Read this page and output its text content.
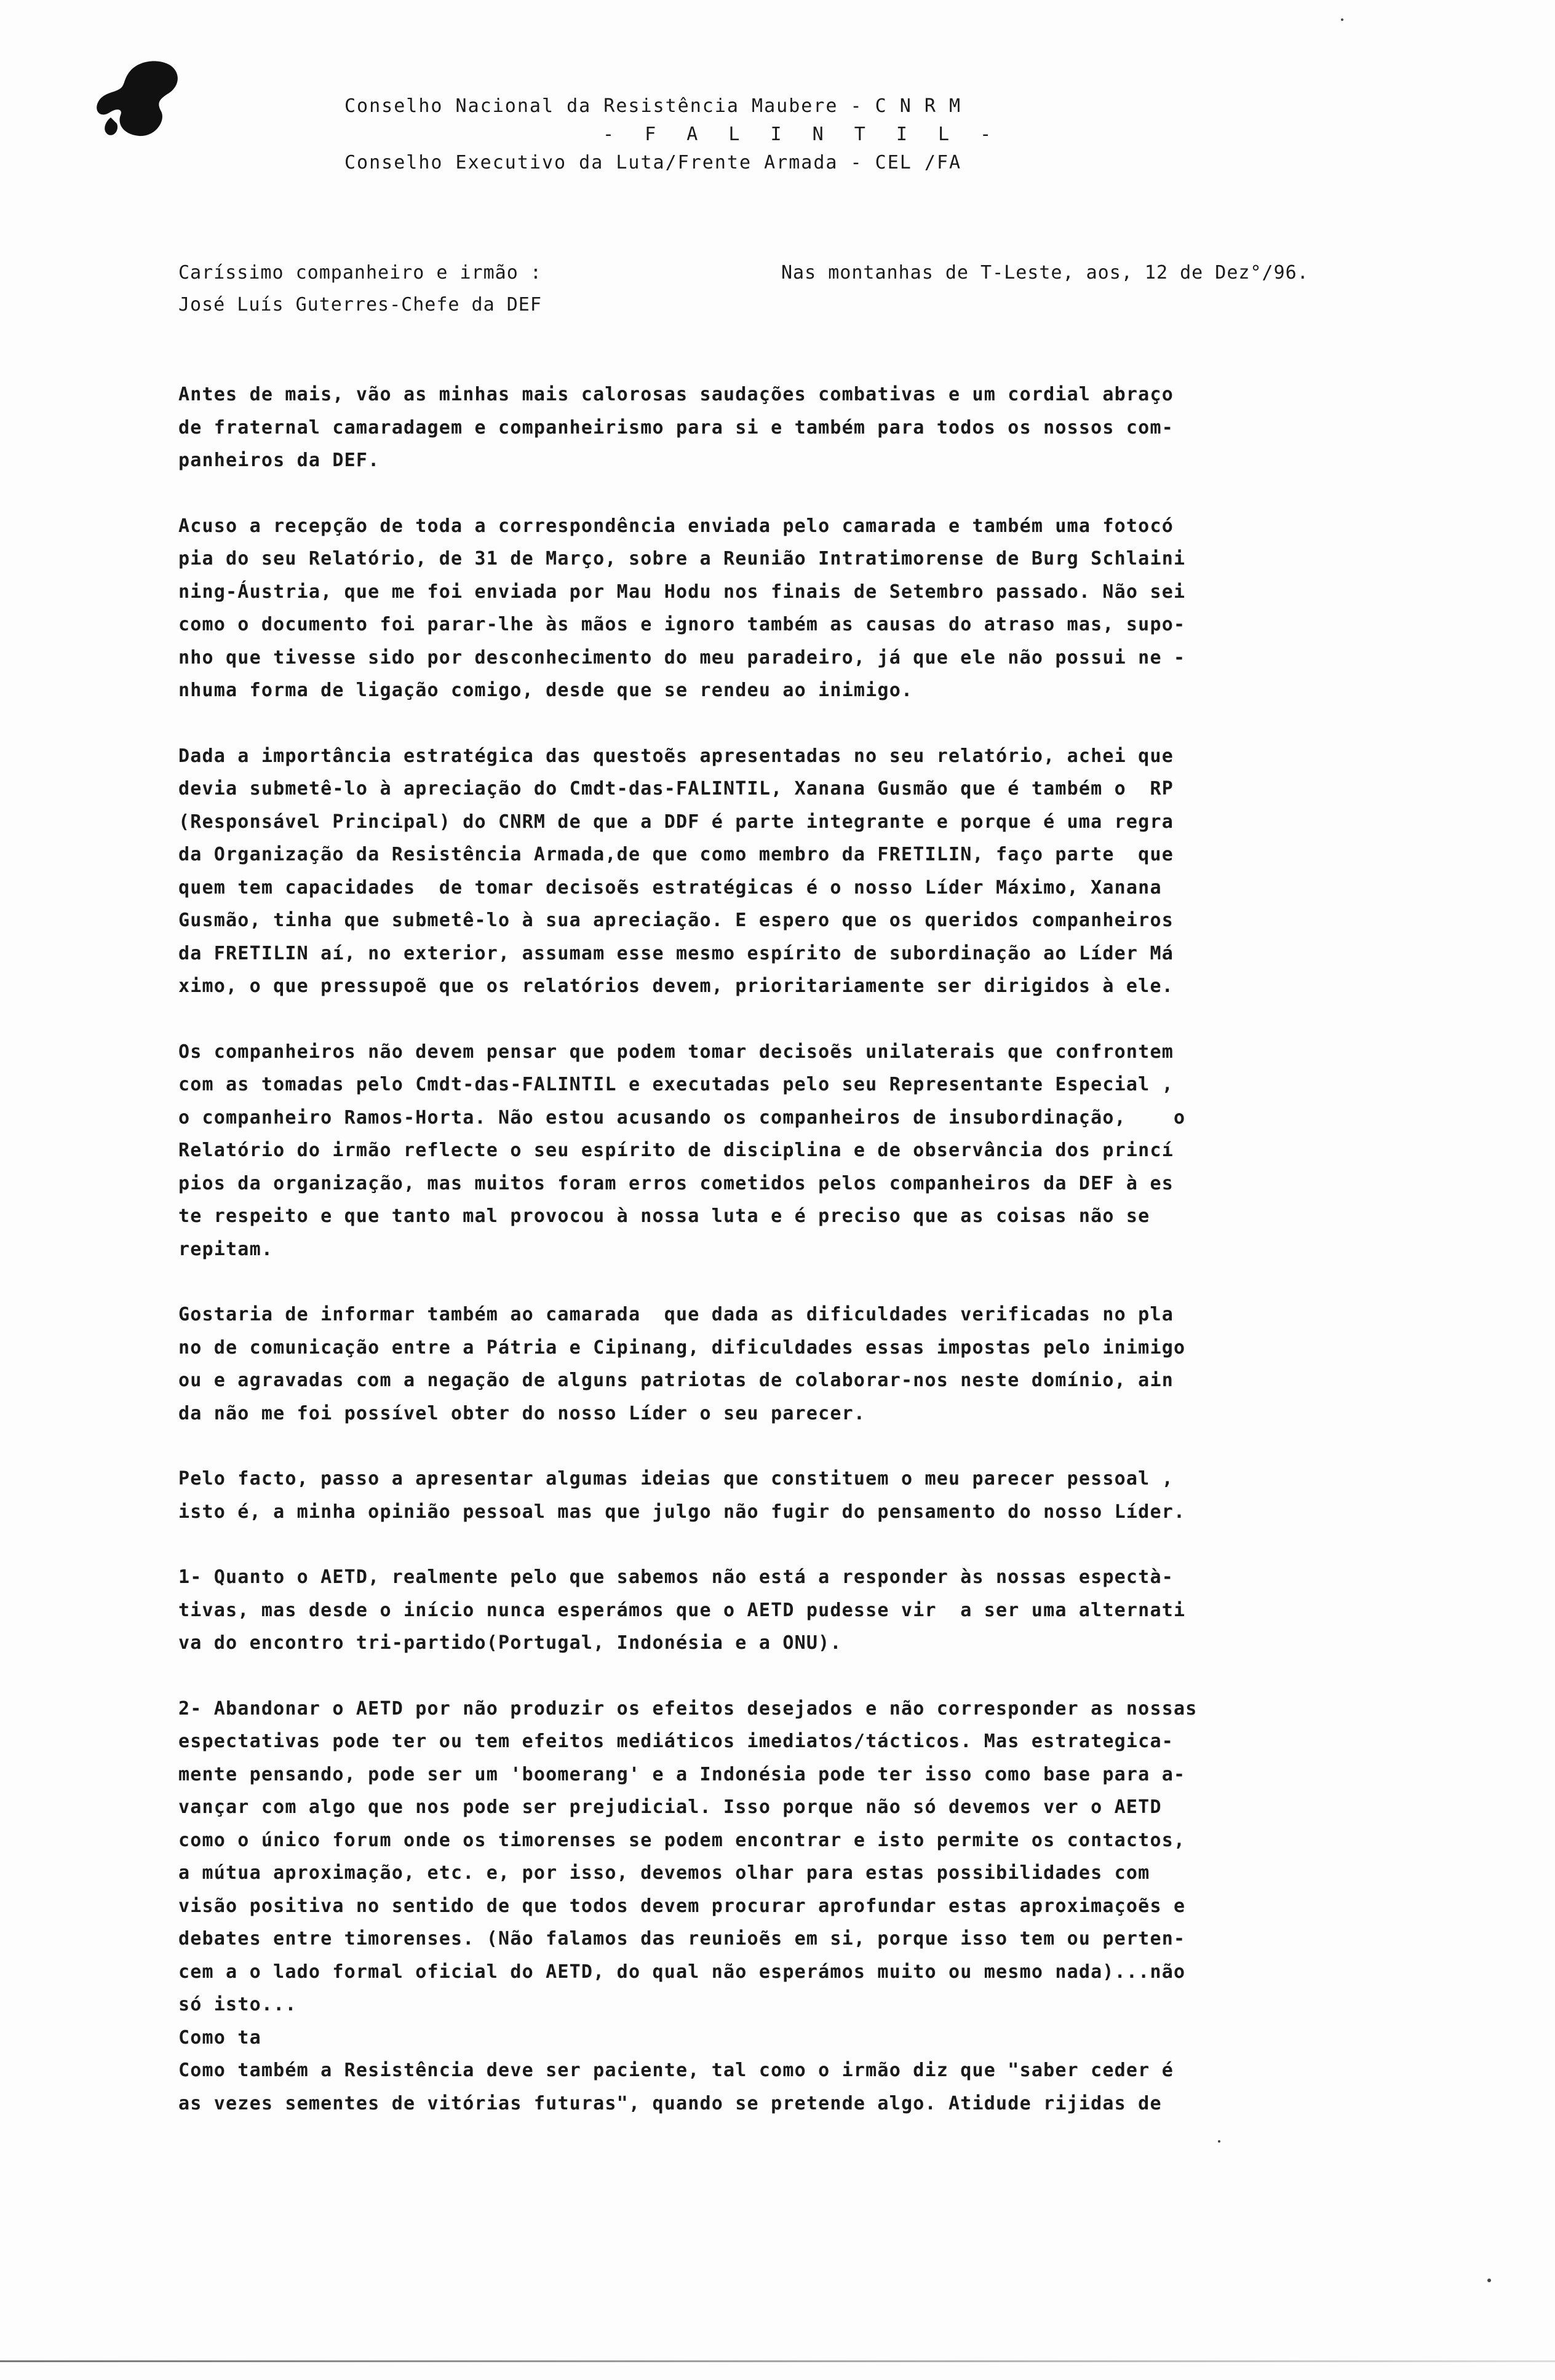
Conselho Nacional da Resistência Maubere - C N R M
- F A L I N T I L -
Conselho Executivo da Luta/Frente Armada - CEL /FA
Caríssimo companheiro e irmão :
José Luís Guterres-Chefe da DEF
Nas montanhas de T-Leste, aos, 12 de Dez°/96.
Antes de mais, vão as minhas mais calorosas saudações combativas e um cordial abraço
de fraternal camaradagem e companheirismo para si e também para todos os nossos com-
panheiros da DEF.
Acuso a recepção de toda a correspondência enviada pelo camarada e também uma fotocó
pia do seu Relatório, de 31 de Março, sobre a Reunião Intratimorense de Burg Schlaini
ning-Áustria, que me foi enviada por Mau Hodu nos finais de Setembro passado. Não sei
como o documento foi parar-lhe às mãos e ignoro também as causas do atraso mas, supo-
nho que tivesse sido por desconhecimento do meu paradeiro, já que ele não possui ne -
nhuma forma de ligação comigo, desde que se rendeu ao inimigo.
Dada a importância estratégica das questoẽs apresentadas no seu relatório, achei que
devia submetê-lo à apreciação do Cmdt-das-FALINTIL, Xanana Gusmão que é também o  RP
(Responsável Principal) do CNRM de que a DDF é parte integrante e porque é uma regra
da Organização da Resistência Armada,de que como membro da FRETILIN, faço parte  que
quem tem capacidades  de tomar decisoẽs estratégicas é o nosso Líder Máximo, Xanana
Gusmão, tinha que submetê-lo à sua apreciação. E espero que os queridos companheiros
da FRETILIN aí, no exterior, assumam esse mesmo espírito de subordinação ao Líder Má
ximo, o que pressupoẽ que os relatórios devem, prioritariamente ser dirigidos à ele.
Os companheiros não devem pensar que podem tomar decisoẽs unilaterais que confrontem
com as tomadas pelo Cmdt-das-FALINTIL e executadas pelo seu Representante Especial ,
o companheiro Ramos-Horta. Não estou acusando os companheiros de insubordinação,    o
Relatório do irmão reflecte o seu espírito de disciplina e de observância dos princí
pios da organização, mas muitos foram erros cometidos pelos companheiros da DEF à es
te respeito e que tanto mal provocou à nossa luta e é preciso que as coisas não se
repitam.
Gostaria de informar também ao camarada  que dada as dificuldades verificadas no pla
no de comunicação entre a Pátria e Cipinang, dificuldades essas impostas pelo inimigo
ou e agravadas com a negação de alguns patriotas de colaborar-nos neste domínio, ain
da não me foi possível obter do nosso Líder o seu parecer.
Pelo facto, passo a apresentar algumas ideias que constituem o meu parecer pessoal ,
isto é, a minha opinião pessoal mas que julgo não fugir do pensamento do nosso Líder.
1- Quanto o AETD, realmente pelo que sabemos não está a responder às nossas espectà-
tivas, mas desde o início nunca esperámos que o AETD pudesse vir  a ser uma alternati
va do encontro tri-partido(Portugal, Indonésia e a ONU).
2- Abandonar o AETD por não produzir os efeitos desejados e não corresponder as nossas
espectativas pode ter ou tem efeitos mediáticos imediatos/tácticos. Mas estrategica-
mente pensando, pode ser um 'boomerang' e a Indonésia pode ter isso como base para a-
vançar com algo que nos pode ser prejudicial. Isso porque não só devemos ver o AETD
como o único forum onde os timorenses se podem encontrar e isto permite os contactos,
a mútua aproximação, etc. e, por isso, devemos olhar para estas possibilidades com
visão positiva no sentido de que todos devem procurar aprofundar estas aproximaçoẽs e
debates entre timorenses. (Não falamos das reunioẽs em si, porque isso tem ou perten-
cem a o lado formal oficial do AETD, do qual não esperámos muito ou mesmo nada)...não
só isto...
Como ta
Como também a Resistência deve ser paciente, tal como o irmão diz que "saber ceder é
as vezes sementes de vitórias futuras", quando se pretende algo. Atidude rijidas de
